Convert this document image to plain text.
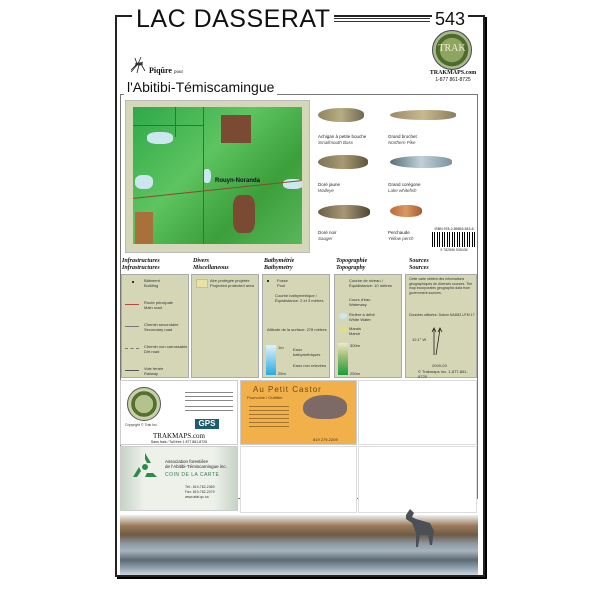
LAC DASSERAT	543
Piqûre pour
l'Abitibi-Témiscamingue
TRAK
TRAKMAPS.com
1-877 861-8725
Rouyn-Noranda
Achigan à petite bouche
Smallmouth Bass
Grand brochet
Northern Pike
Doré jaune
Walleye
Grand corégone
Lake whitefish
Doré noir
Sauger
Perchaude
Yellow perch
ISBN 978-2-89653-543-6
9 782896 535436
Infrastructures
Infrastructures
Bâtiment
Building
Route principale
Main road
Chemin secondaire
Secondary road
Chemin non carrossable
Dirt road
Voie ferrée
Railway
Divers
Miscellaneous
Aire protégée projetée
Projected protected area
Bathymétrie
Bathymetry
Fosse
Pool
Courbe bathymétrique / Équidistance: 2 et 3 mètres
Altitude de la surface: 278 mètres
1m
25m
Eaux bathymétriques
Eaux non relevées
Topographie
Topography
Courbe de niveau / Équidistance: 10 mètres
Cours d'eau
Waterway
Rivière à débit
White Water
Marais
Marsh
300m
250m
Sources
Sources
Cette carte obtient des informations géographiques de diverses sources. The map incorporates geographic data from government sources.
Données utilisées: Datum NAD83 UTM 17
12.1° W
2009-03
© Trakmaps Inc. 1-877-861-8725
Copyright © Trak Inc.	GPS
TRAKMAPS.com
Sans frais / Toll free 1 877 861-8725
Au Petit Castor
Pourvoirie / Outfitter
819 279-2209
Association forestière
de l'Abitibi-Témiscamingue inc.
COIN DE LA CARTE
Tél.: 819-762-2369
Fax: 819-762-2079
www.afat.qc.ca
